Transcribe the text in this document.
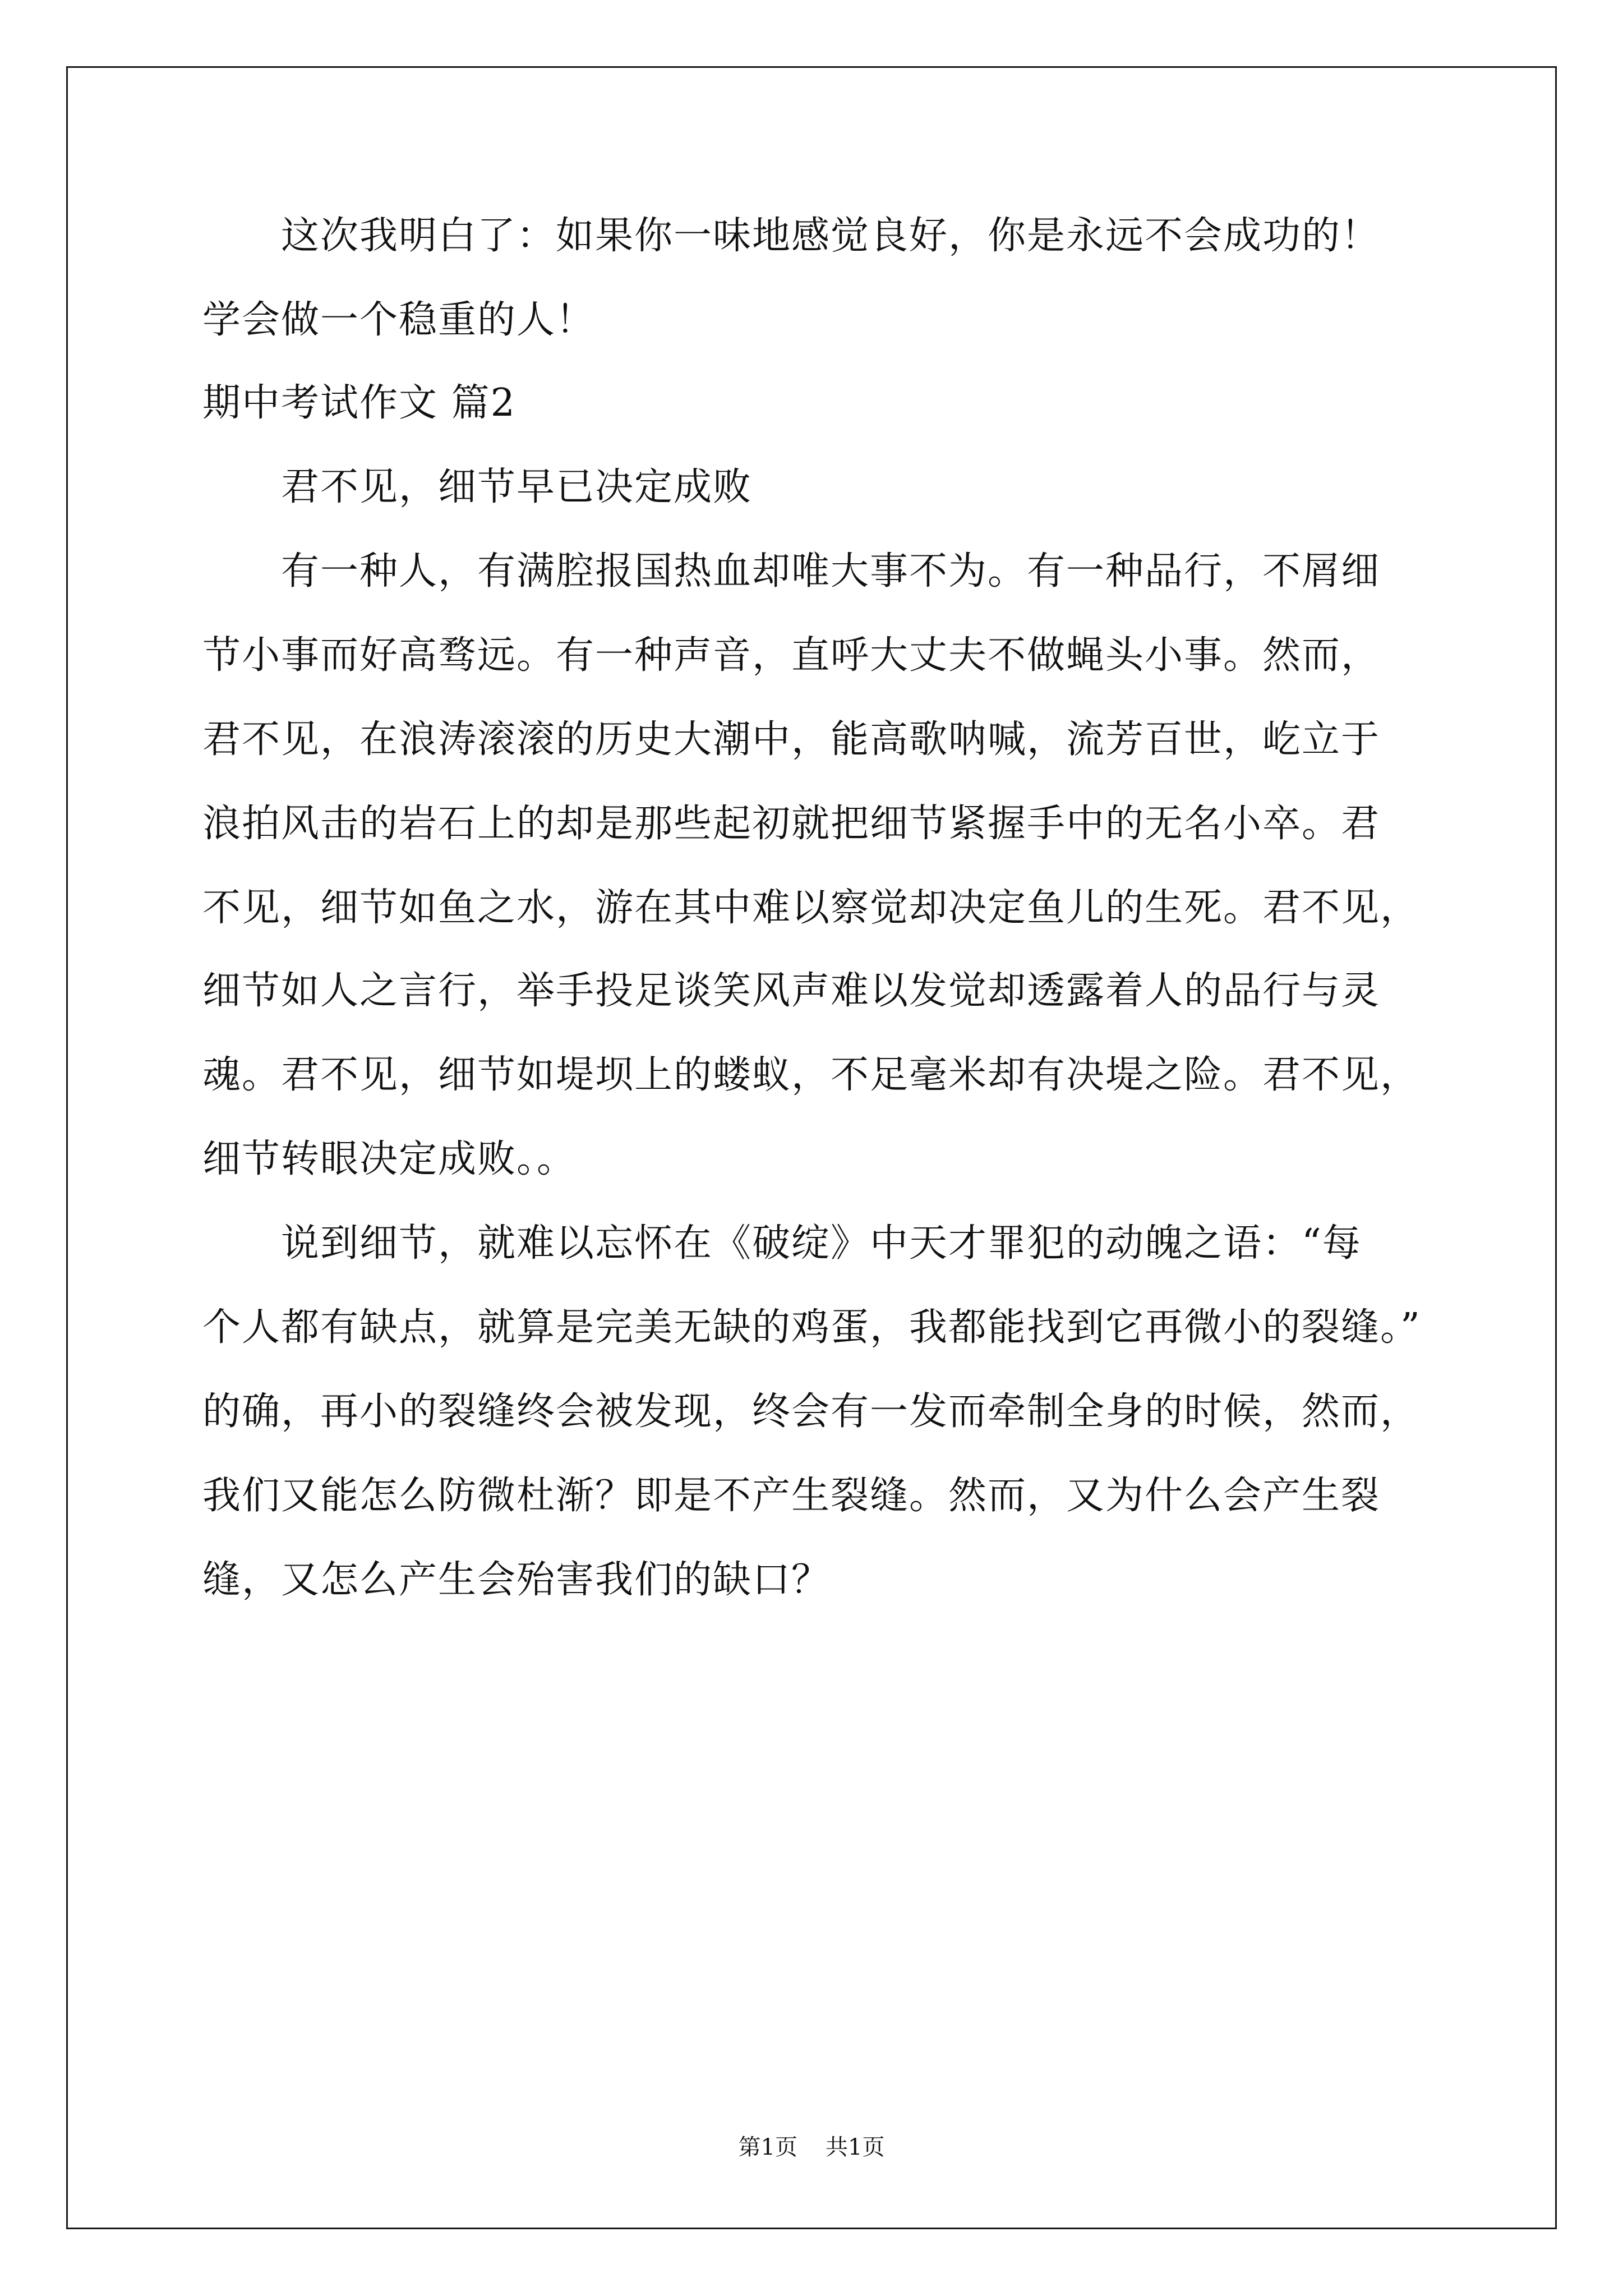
　　这次我明白了：如果你一味地感觉良好，你是永远不会成功的！
学会做一个稳重的人！
期中考试作文 篇2
　　君不见，细节早已决定成败
　　有一种人，有满腔报国热血却唯大事不为。有一种品行，不屑细
节小事而好高骛远。有一种声音，直呼大丈夫不做蝇头小事。然而，
君不见，在浪涛滚滚的历史大潮中，能高歌呐喊，流芳百世，屹立于
浪拍风击的岩石上的却是那些起初就把细节紧握手中的无名小卒。君
不见，细节如鱼之水，游在其中难以察觉却决定鱼儿的生死。君不见，
细节如人之言行，举手投足谈笑风声难以发觉却透露着人的品行与灵
魂。君不见，细节如堤坝上的蝼蚁，不足毫米却有决堤之险。君不见，
细节转眼决定成败。。
　　说到细节，就难以忘怀在《破绽》中天才罪犯的动魄之语：“每
个人都有缺点，就算是完美无缺的鸡蛋，我都能找到它再微小的裂缝。”
的确，再小的裂缝终会被发现，终会有一发而牵制全身的时候，然而，
我们又能怎么防微杜渐？即是不产生裂缝。然而，又为什么会产生裂
缝，又怎么产生会殆害我们的缺口？
第1页 共1页
